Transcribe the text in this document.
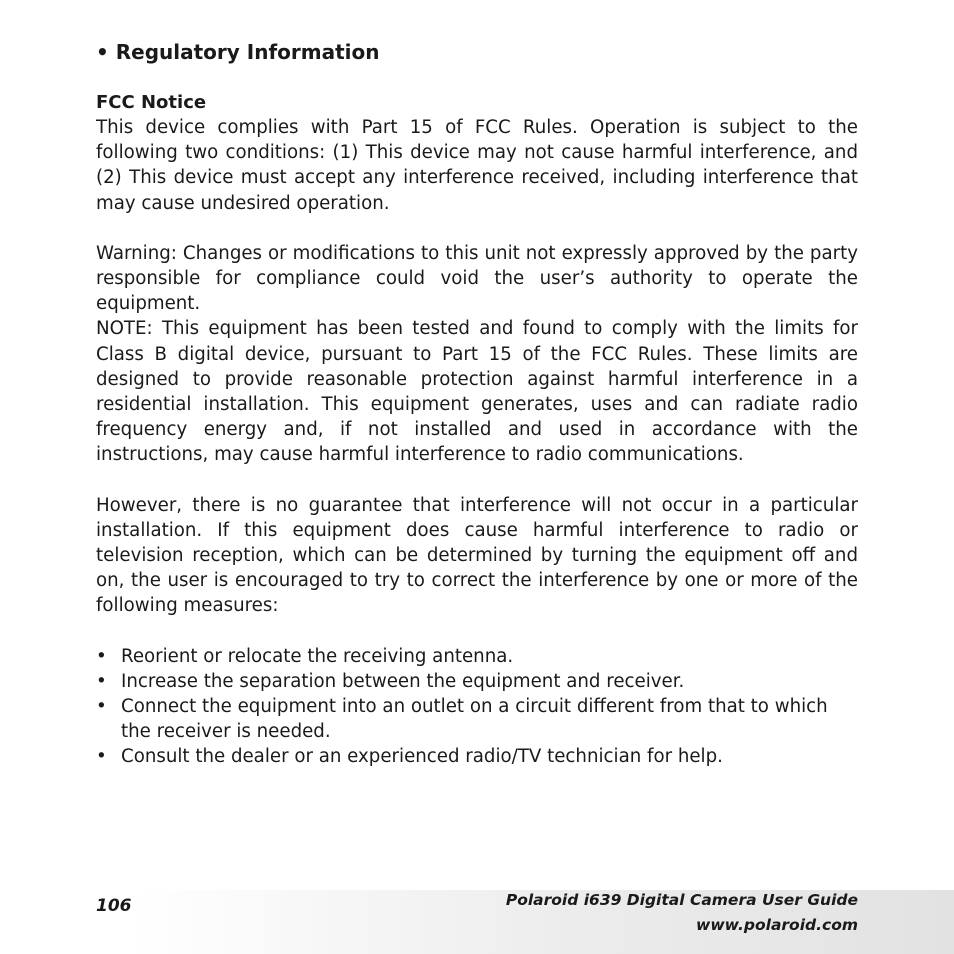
• Regulatory Information
FCC Notice

This device complies with Part 15 of FCC Rules. Operation is subject to the following two conditions: (1) This device may not cause harmful interference, and (2) This device must accept any interference received, including interference that may cause undesired operation.

Warning: Changes or modifications to this unit not expressly approved by the party responsible for compliance could void the user’s authority to operate the equipment.

NOTE: This equipment has been tested and found to comply with the limits for Class B digital device, pursuant to Part 15 of the FCC Rules. These limits are designed to provide reasonable protection against harmful interference in a residential installation. This equipment generates, uses and can radiate radio frequency energy and, if not installed and used in accordance with the instructions, may cause harmful interference to radio communications.

However, there is no guarantee that interference will not occur in a particular installation. If this equipment does cause harmful interference to radio or television reception, which can be determined by turning the equipment off and on, the user is encouraged to try to correct the interference by one or more of the following measures:

• Reorient or relocate the receiving antenna.
• Increase the separation between the equipment and receiver.
• Connect the equipment into an outlet on a circuit different from that to which the receiver is needed.
• Consult the dealer or an experienced radio/TV technician for help.
106	Polaroid i639 Digital Camera User Guide
www.polaroid.com
